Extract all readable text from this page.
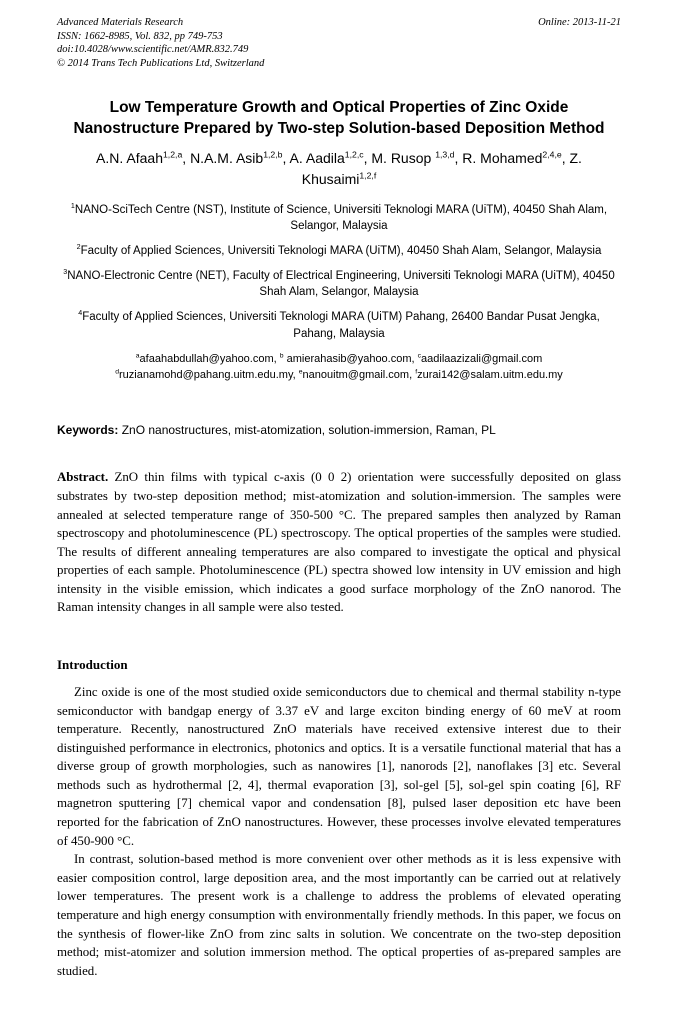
Advanced Materials Research
ISSN: 1662-8985, Vol. 832, pp 749-753
doi:10.4028/www.scientific.net/AMR.832.749
© 2014 Trans Tech Publications Ltd, Switzerland
Online: 2013-11-21
Low Temperature Growth and Optical Properties of Zinc Oxide Nanostructure Prepared by Two-step Solution-based Deposition Method

A.N. Afaah$^{1,2,a}$, N.A.M. Asib$^{1,2,b}$, A. Aadila$^{1,2,c}$, M. Rusop $^{1,3,d}$, R. Mohamed$^{2,4,e}$, Z. Khusaimi$^{1,2,f}$

$^1$NANO-SciTech Centre (NST), Institute of Science, Universiti Teknologi MARA (UiTM), 40450 Shah Alam, Selangor, Malaysia

$^2$Faculty of Applied Sciences, Universiti Teknologi MARA (UiTM), 40450 Shah Alam, Selangor, Malaysia

$^3$NANO-Electronic Centre (NET), Faculty of Electrical Engineering, Universiti Teknologi MARA (UiTM), 40450 Shah Alam, Selangor, Malaysia

$^4$Faculty of Applied Sciences, Universiti Teknologi MARA (UiTM) Pahang, 26400 Bandar Pusat Jengka, Pahang, Malaysia

$^a$afaahabdullah@yahoo.com, $^b$ amierahasib@yahoo.com, $^c$aadilaazizali@gmail.com
$^d$ruzianamohd@pahang.uitm.edu.my, $^e$nanouitm@gmail.com, $^f$zurai142@salam.uitm.edu.my

Keywords: ZnO nanostructures, mist-atomization, solution-immersion, Raman, PL

Abstract. ZnO thin films with typical c-axis (0 0 2) orientation were successfully deposited on glass substrates by two-step deposition method; mist-atomization and solution-immersion. The samples were annealed at selected temperature range of 350-500 °C. The prepared samples then analyzed by Raman spectroscopy and photoluminescence (PL) spectroscopy. The optical properties of the samples were studied. The results of different annealing temperatures are also compared to investigate the optical and physical properties of each sample. Photoluminescence (PL) spectra showed low intensity in UV emission and high intensity in the visible emission, which indicates a good surface morphology of the ZnO nanorod. The Raman intensity changes in all sample were also tested.

Introduction

Zinc oxide is one of the most studied oxide semiconductors due to chemical and thermal stability n-type semiconductor with bandgap energy of 3.37 eV and large exciton binding energy of 60 meV at room temperature. Recently, nanostructured ZnO materials have received extensive interest due to their distinguished performance in electronics, photonics and optics. It is a versatile functional material that has a diverse group of growth morphologies, such as nanowires [1], nanorods [2], nanoflakes [3] etc. Several methods such as hydrothermal [2, 4], thermal evaporation [3], sol-gel [5], sol-gel spin coating [6], RF magnetron sputtering [7] chemical vapor and condensation [8], pulsed laser deposition etc have been reported for the fabrication of ZnO nanostructures. However, these processes involve elevated temperatures of 450-900 °C.

In contrast, solution-based method is more convenient over other methods as it is less expensive with easier composition control, large deposition area, and the most importantly can be carried out at relatively lower temperatures. The present work is a challenge to address the problems of elevated operating temperature and high energy consumption with environmentally friendly methods. In this paper, we focus on the synthesis of flower-like ZnO from zinc salts in solution. We concentrate on the two-step deposition method; mist-atomizer and solution immersion method. The optical properties of as-prepared samples are studied.
